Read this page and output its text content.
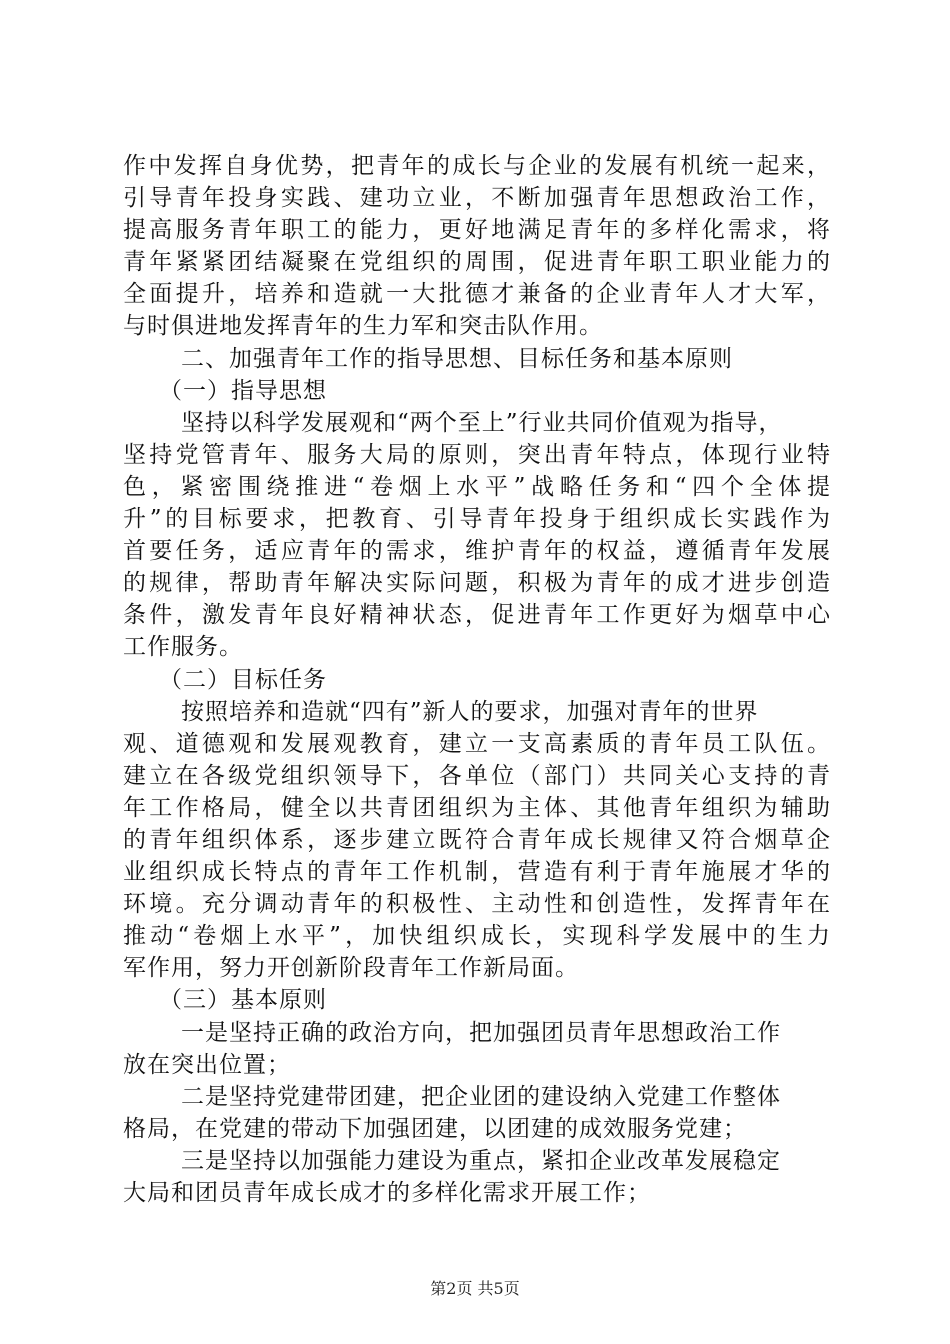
作中发挥自身优势，把青年的成长与企业的发展有机统一起来，
引导青年投身实践、建功立业，不断加强青年思想政治工作，
提高服务青年职工的能力，更好地满足青年的多样化需求，将
青年紧紧团结凝聚在党组织的周围，促进青年职工职业能力的
全面提升，培养和造就一大批德才兼备的企业青年人才大军，
与时俱进地发挥青年的生力军和突击队作用。
二、加强青年工作的指导思想、目标任务和基本原则
（一）指导思想
坚持以科学发展观和“两个至上”行业共同价值观为指导，
坚持党管青年、服务大局的原则，突出青年特点，体现行业特
色，紧密围绕推进“卷烟上水平”战略任务和“四个全体提
升”的目标要求，把教育、引导青年投身于组织成长实践作为
首要任务，适应青年的需求，维护青年的权益，遵循青年发展
的规律，帮助青年解决实际问题，积极为青年的成才进步创造
条件，激发青年良好精神状态，促进青年工作更好为烟草中心
工作服务。
（二）目标任务
按照培养和造就“四有”新人的要求，加强对青年的世界
观、道德观和发展观教育，建立一支高素质的青年员工队伍。
建立在各级党组织领导下，各单位（部门）共同关心支持的青
年工作格局，健全以共青团组织为主体、其他青年组织为辅助
的青年组织体系，逐步建立既符合青年成长规律又符合烟草企
业组织成长特点的青年工作机制，营造有利于青年施展才华的
环境。充分调动青年的积极性、主动性和创造性，发挥青年在
推动“卷烟上水平”，加快组织成长，实现科学发展中的生力
军作用，努力开创新阶段青年工作新局面。
（三）基本原则
一是坚持正确的政治方向，把加强团员青年思想政治工作
放在突出位置；
二是坚持党建带团建，把企业团的建设纳入党建工作整体
格局，在党建的带动下加强团建，以团建的成效服务党建；
三是坚持以加强能力建设为重点，紧扣企业改革发展稳定
大局和团员青年成长成才的多样化需求开展工作；
第2页 共5页
